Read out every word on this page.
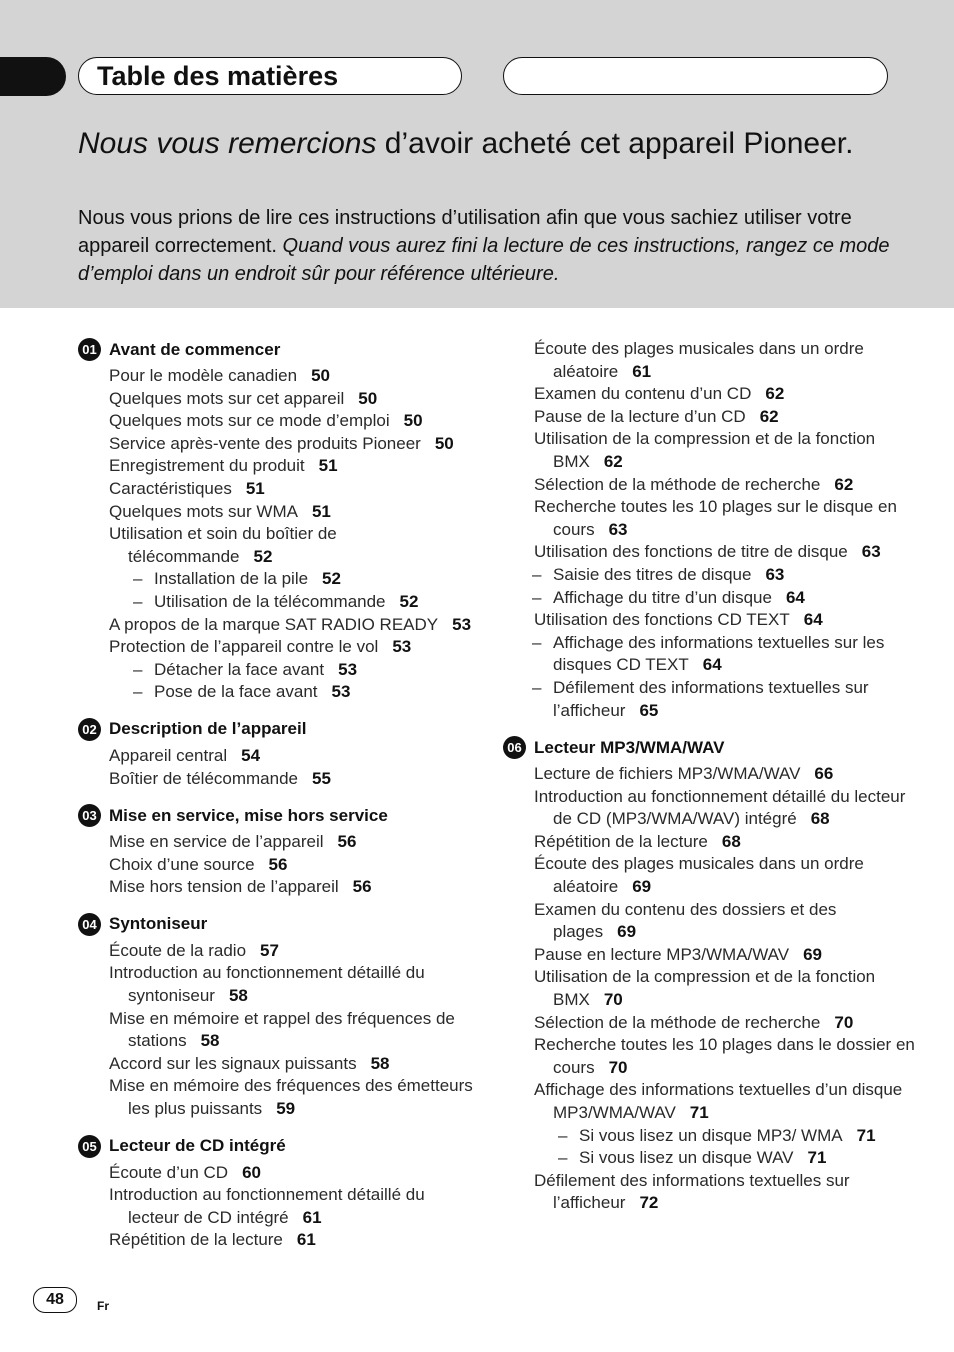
Table des matières
Nous vous remercions d’avoir acheté cet appareil Pioneer.
Nous vous prions de lire ces instructions d’utilisation afin que vous sachiez utiliser votre appareil correctement. Quand vous aurez fini la lecture de ces instructions, rangez ce mode d’emploi dans un endroit sûr pour référence ultérieure.
01 Avant de commencer
Pour le modèle canadien 50
Quelques mots sur cet appareil 50
Quelques mots sur ce mode d’emploi 50
Service après-vente des produits Pioneer 50
Enregistrement du produit 51
Caractéristiques 51
Quelques mots sur WMA 51
Utilisation et soin du boîtier de télécommande 52
– Installation de la pile 52
– Utilisation de la télécommande 52
A propos de la marque SAT RADIO READY 53
Protection de l’appareil contre le vol 53
– Détacher la face avant 53
– Pose de la face avant 53
02 Description de l’appareil
Appareil central 54
Boîtier de télécommande 55
03 Mise en service, mise hors service
Mise en service de l’appareil 56
Choix d’une source 56
Mise hors tension de l’appareil 56
04 Syntoniseur
Écoute de la radio 57
Introduction au fonctionnement détaillé du syntoniseur 58
Mise en mémoire et rappel des fréquences de stations 58
Accord sur les signaux puissants 58
Mise en mémoire des fréquences des émetteurs les plus puissants 59
05 Lecteur de CD intégré
Écoute d’un CD 60
Introduction au fonctionnement détaillé du lecteur de CD intégré 61
Répétition de la lecture 61
Écoute des plages musicales dans un ordre aléatoire 61
Examen du contenu d’un CD 62
Pause de la lecture d’un CD 62
Utilisation de la compression et de la fonction BMX 62
Sélection de la méthode de recherche 62
Recherche toutes les 10 plages sur le disque en cours 63
Utilisation des fonctions de titre de disque 63
– Saisie des titres de disque 63
– Affichage du titre d’un disque 64
Utilisation des fonctions CD TEXT 64
– Affichage des informations textuelles sur les disques CD TEXT 64
– Défilement des informations textuelles sur l’afficheur 65
06 Lecteur MP3/WMA/WAV
Lecture de fichiers MP3/WMA/WAV 66
Introduction au fonctionnement détaillé du lecteur de CD (MP3/WMA/WAV) intégré 68
Répétition de la lecture 68
Écoute des plages musicales dans un ordre aléatoire 69
Examen du contenu des dossiers et des plages 69
Pause en lecture MP3/WMA/WAV 69
Utilisation de la compression et de la fonction BMX 70
Sélection de la méthode de recherche 70
Recherche toutes les 10 plages dans le dossier en cours 70
Affichage des informations textuelles d’un disque MP3/WMA/WAV 71
– Si vous lisez un disque MP3/ WMA 71
– Si vous lisez un disque WAV 71
Défilement des informations textuelles sur l’afficheur 72
48	Fr
